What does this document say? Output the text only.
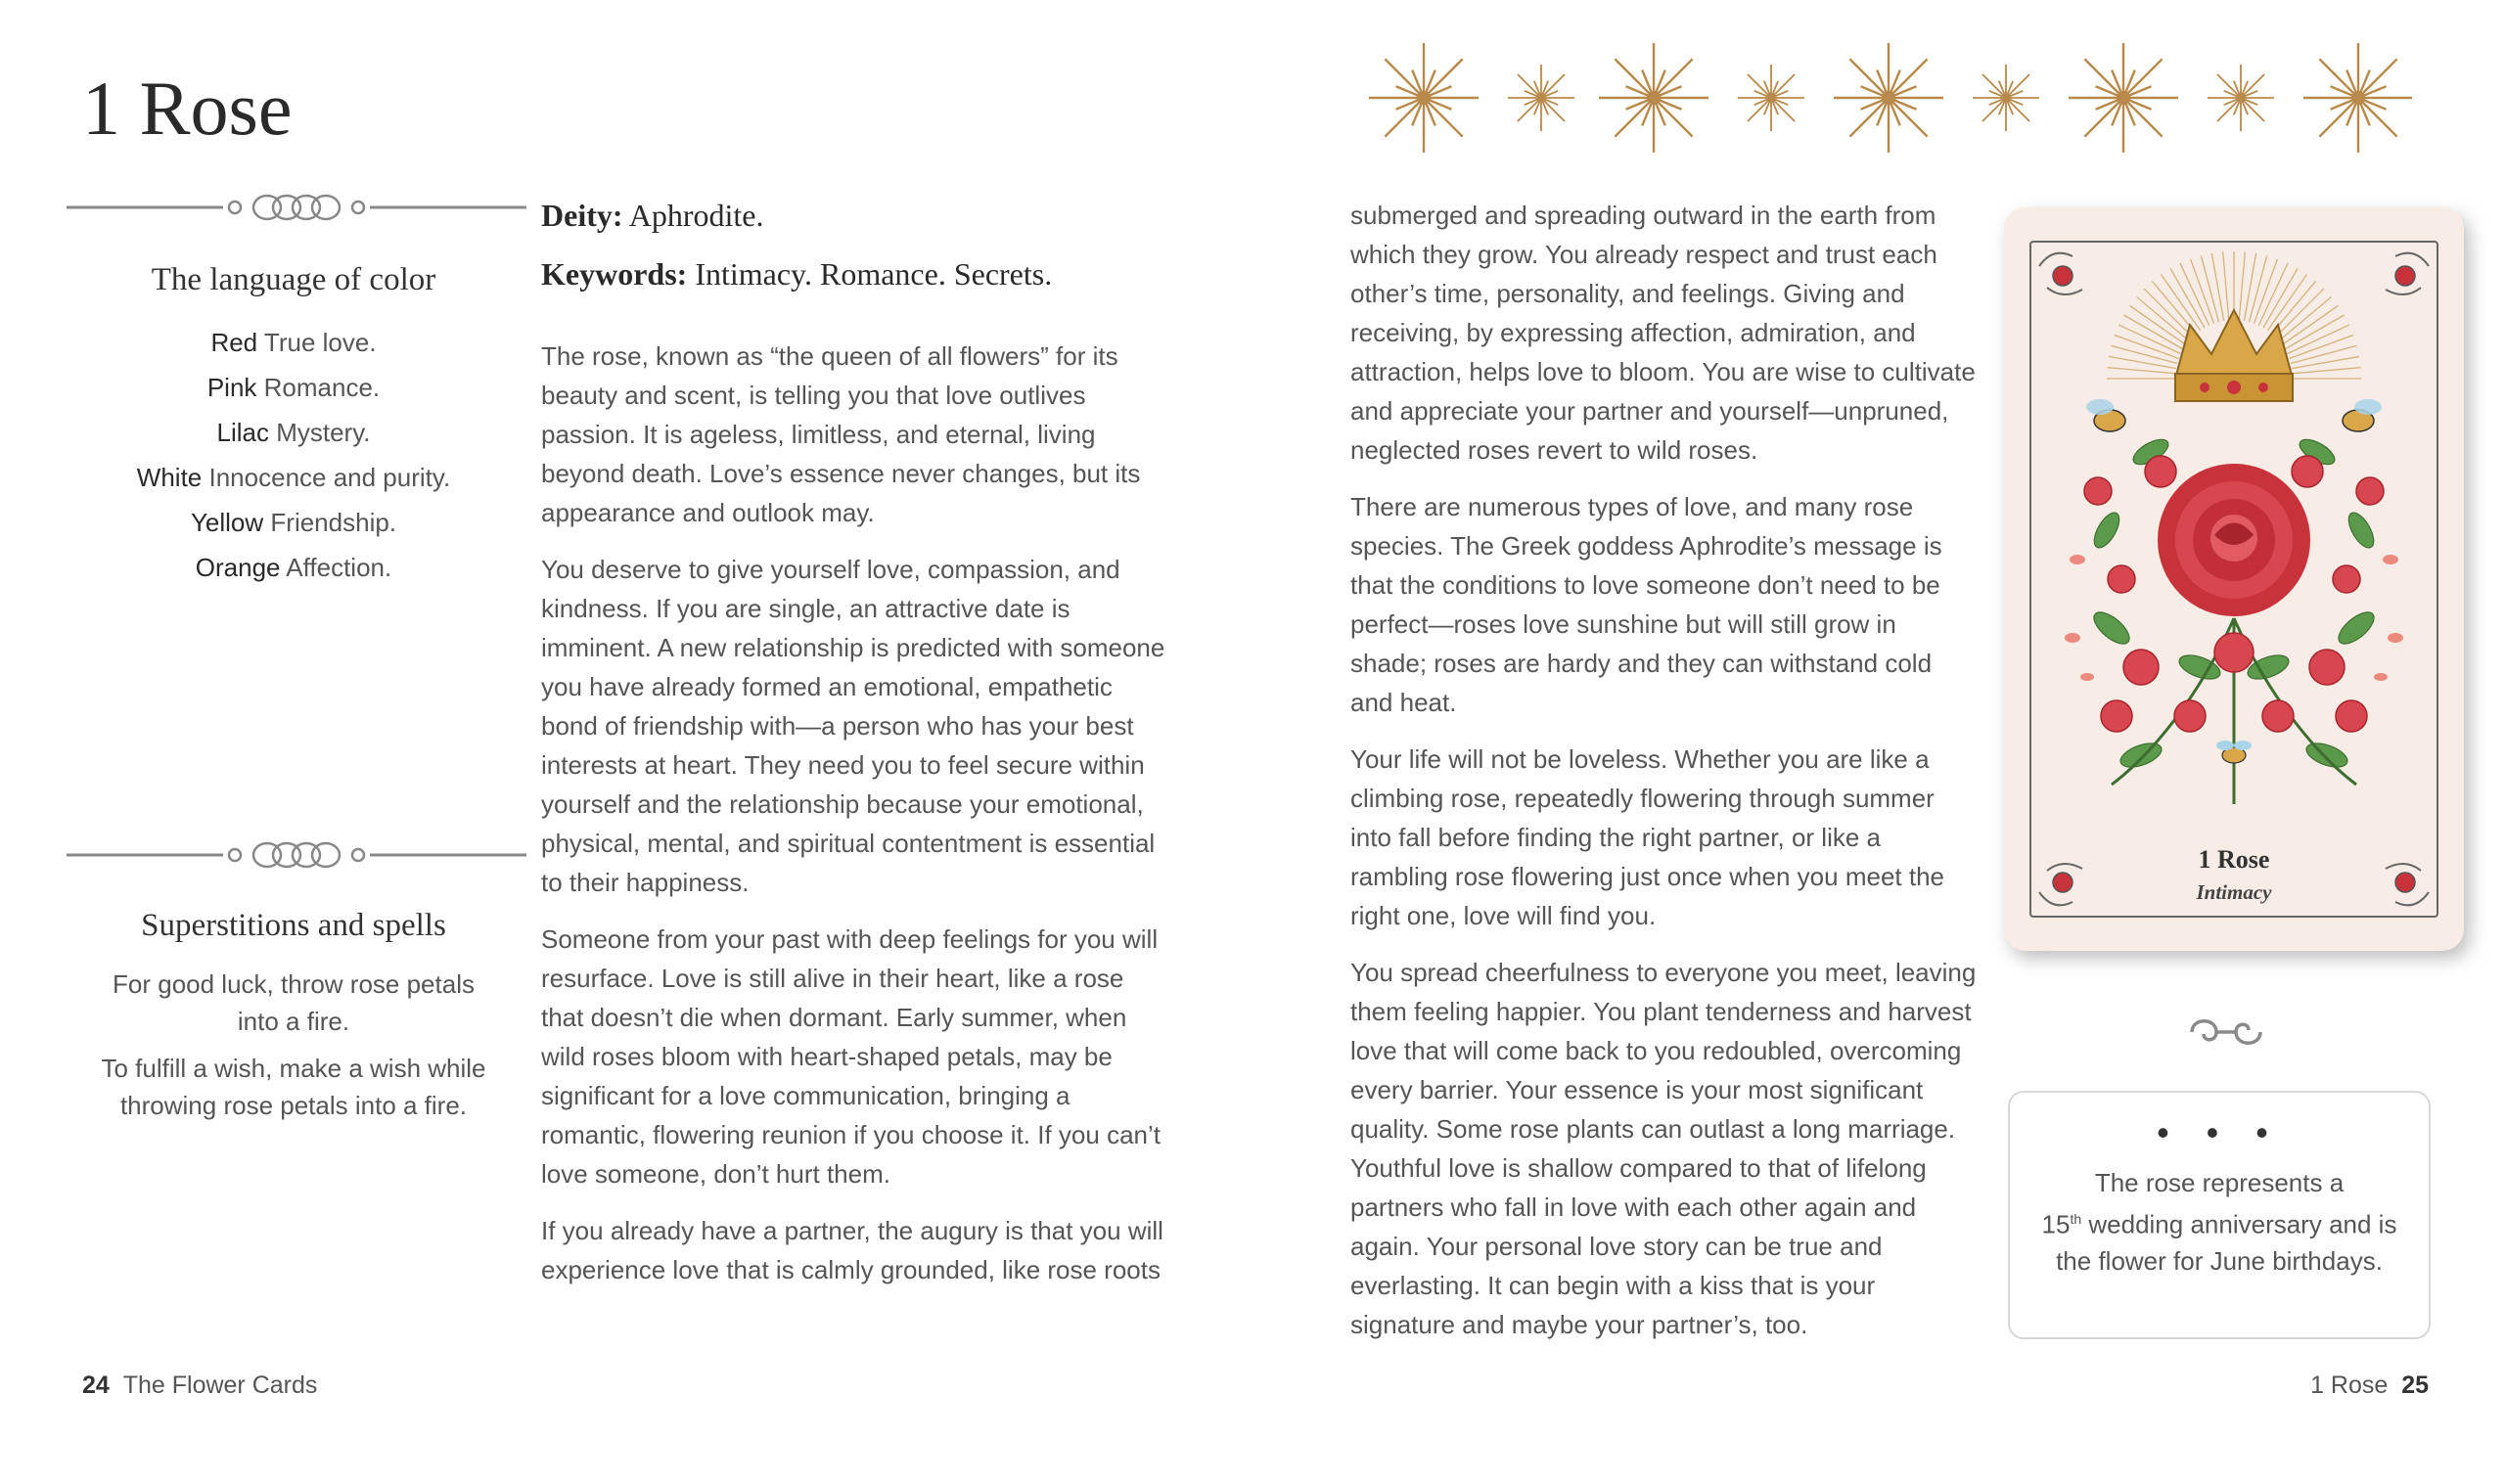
1 Rose
The language of color
Red True love.
Pink Romance.
Lilac Mystery.
White Innocence and purity.
Yellow Friendship.
Orange Affection.
Superstitions and spells

For good luck, throw rose petals into a fire.

To fulfill a wish, make a wish while throwing rose petals into a fire.

Deity: Aphrodite.
Keywords: Intimacy. Romance. Secrets.

The rose, known as “the queen of all flowers” for its beauty and scent, is telling you that love outlives passion. It is ageless, limitless, and eternal, living beyond death. Love’s essence never changes, but its appearance and outlook may.

You deserve to give yourself love, compassion, and kindness. If you are single, an attractive date is imminent. A new relationship is predicted with someone you have already formed an emotional, empathetic bond of friendship with—a person who has your best interests at heart. They need you to feel secure within yourself and the relationship because your emotional, physical, mental, and spiritual contentment is essential to their happiness.

Someone from your past with deep feelings for you will resurface. Love is still alive in their heart, like a rose that doesn’t die when dormant. Early summer, when wild roses bloom with heart-shaped petals, may be significant for a love communication, bringing a romantic, flowering reunion if you choose it. If you can’t love someone, don’t hurt them.

If you already have a partner, the augury is that you will experience love that is calmly grounded, like rose roots

24 The Flower Cards

submerged and spreading outward in the earth from which they grow. You already respect and trust each other’s time, personality, and feelings. Giving and receiving, by expressing affection, admiration, and attraction, helps love to bloom. You are wise to cultivate and appreciate your partner and yourself—unpruned, neglected roses revert to wild roses.

There are numerous types of love, and many rose species. The Greek goddess Aphrodite’s message is that the conditions to love someone don’t need to be perfect—roses love sunshine but will still grow in shade; roses are hardy and they can withstand cold and heat.

Your life will not be loveless. Whether you are like a climbing rose, repeatedly flowering through summer into fall before finding the right partner, or like a rambling rose flowering just once when you meet the right one, love will find you.

You spread cheerfulness to everyone you meet, leaving them feeling happier. You plant tenderness and harvest love that will come back to you redoubled, overcoming every barrier. Your essence is your most significant quality. Some rose plants can outlast a long marriage. Youthful love is shallow compared to that of lifelong partners who fall in love with each other again and again. Your personal love story can be true and everlasting. It can begin with a kiss that is your signature and maybe your partner’s, too.

1 Rose
Intimacy
• • •
The rose represents a
15th wedding anniversary and is the flower for June birthdays.
1 Rose 25
